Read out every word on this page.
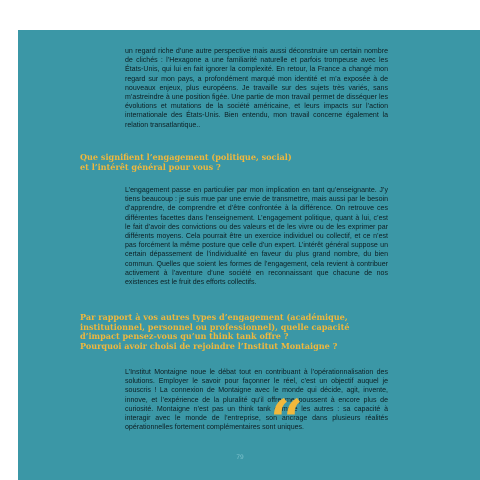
un regard riche d’une autre perspective mais aussi déconstruire un certain nombre de clichés : l’Hexagone a une familiarité naturelle et parfois trompeuse avec les États-Unis, qui lui en fait ignorer la complexité. En retour, la France a changé mon regard sur mon pays, a profondément marqué mon identité et m’a exposée à de nouveaux enjeux, plus européens. Je travaille sur des sujets très variés, sans m’astreindre à une position figée. Une partie de mon travail permet de disséquer les évolutions et mutations de la société américaine, et leurs impacts sur l’action internationale des États-Unis. Bien entendu, mon travail concerne également la relation transatlantique..

Que signifient l’engagement (politique, social)
et l’intérêt général pour vous ?

L’engagement passe en particulier par mon implication en tant qu’enseignante. J’y tiens beaucoup : je suis mue par une envie de transmettre, mais aussi par le besoin d’apprendre, de comprendre et d’être confrontée à la différence. On retrouve ces différentes facettes dans l’enseignement. L’engagement politique, quant à lui, c’est le fait d’avoir des convictions ou des valeurs et de les vivre ou de les exprimer par différents moyens. Cela pourrait être un exercice individuel ou collectif, et ce n’est pas forcément la même posture que celle d’un expert. L’intérêt général suppose un certain dépassement de l’individualité en faveur du plus grand nombre, du bien commun. Quelles que soient les formes de l’engagement, cela revient à contribuer activement à l’aventure d’une société en reconnaissant que chacune de nos existences est le fruit des efforts collectifs.

Par rapport à vos autres types d’engagement (académique,
institutionnel, personnel ou professionnel), quelle capacité
d’impact pensez-vous qu’un think tank offre ?
Pourquoi avoir choisi de rejoindre l’Institut Montaigne ?

L’Institut Montaigne noue le débat tout en contribuant à l’opérationnalisation des solutions. Employer le savoir pour façonner le réel, c’est un objectif auquel je souscris ! La connexion de Montaigne avec le monde qui décide, agit, invente, innove, et l’expérience de la pluralité qu’il offre me poussent à encore plus de curiosité. Montaigne n’est pas un think tank comme les autres : sa capacité à interagir avec le monde de l’entreprise, son ancrage dans plusieurs réalités opérationnelles fortement complémentaires sont uniques.

“
79
